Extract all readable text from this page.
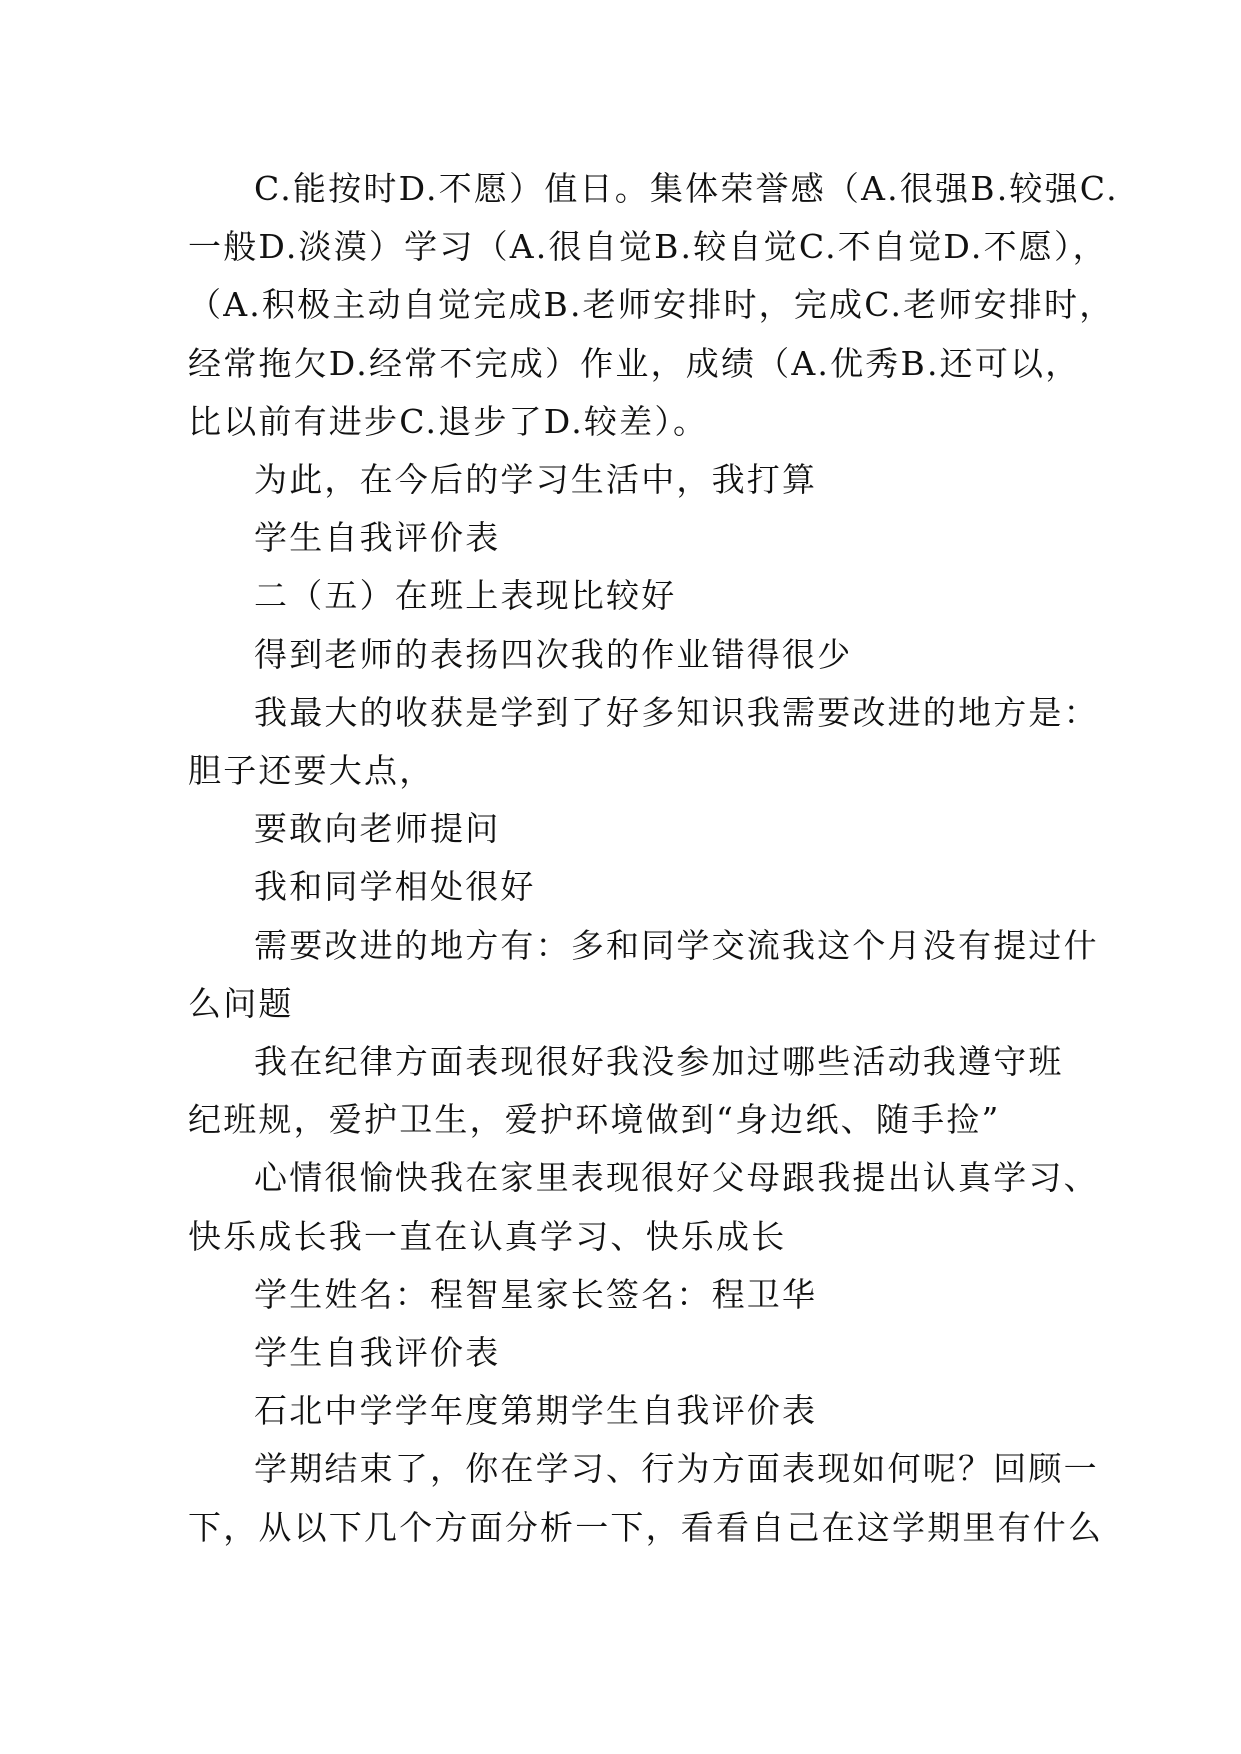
C.能按时D.不愿）值日。集体荣誉感（A.很强B.较强C.
一般D.淡漠）学习（A.很自觉B.较自觉C.不自觉D.不愿），
（A.积极主动自觉完成B.老师安排时，完成C.老师安排时，
经常拖欠D.经常不完成）作业，成绩（A.优秀B.还可以，
比以前有进步C.退步了D.较差）。
为此，在今后的学习生活中，我打算
学生自我评价表
二（五）在班上表现比较好
得到老师的表扬四次我的作业错得很少
我最大的收获是学到了好多知识我需要改进的地方是：
胆子还要大点，
要敢向老师提问
我和同学相处很好
需要改进的地方有：多和同学交流我这个月没有提过什
么问题
我在纪律方面表现很好我没参加过哪些活动我遵守班
纪班规，爱护卫生，爱护环境做到“身边纸、随手捡”
心情很愉快我在家里表现很好父母跟我提出认真学习、
快乐成长我一直在认真学习、快乐成长
学生姓名：程智星家长签名：程卫华
学生自我评价表
石北中学学年度第期学生自我评价表
学期结束了，你在学习、行为方面表现如何呢？回顾一
下，从以下几个方面分析一下，看看自己在这学期里有什么
